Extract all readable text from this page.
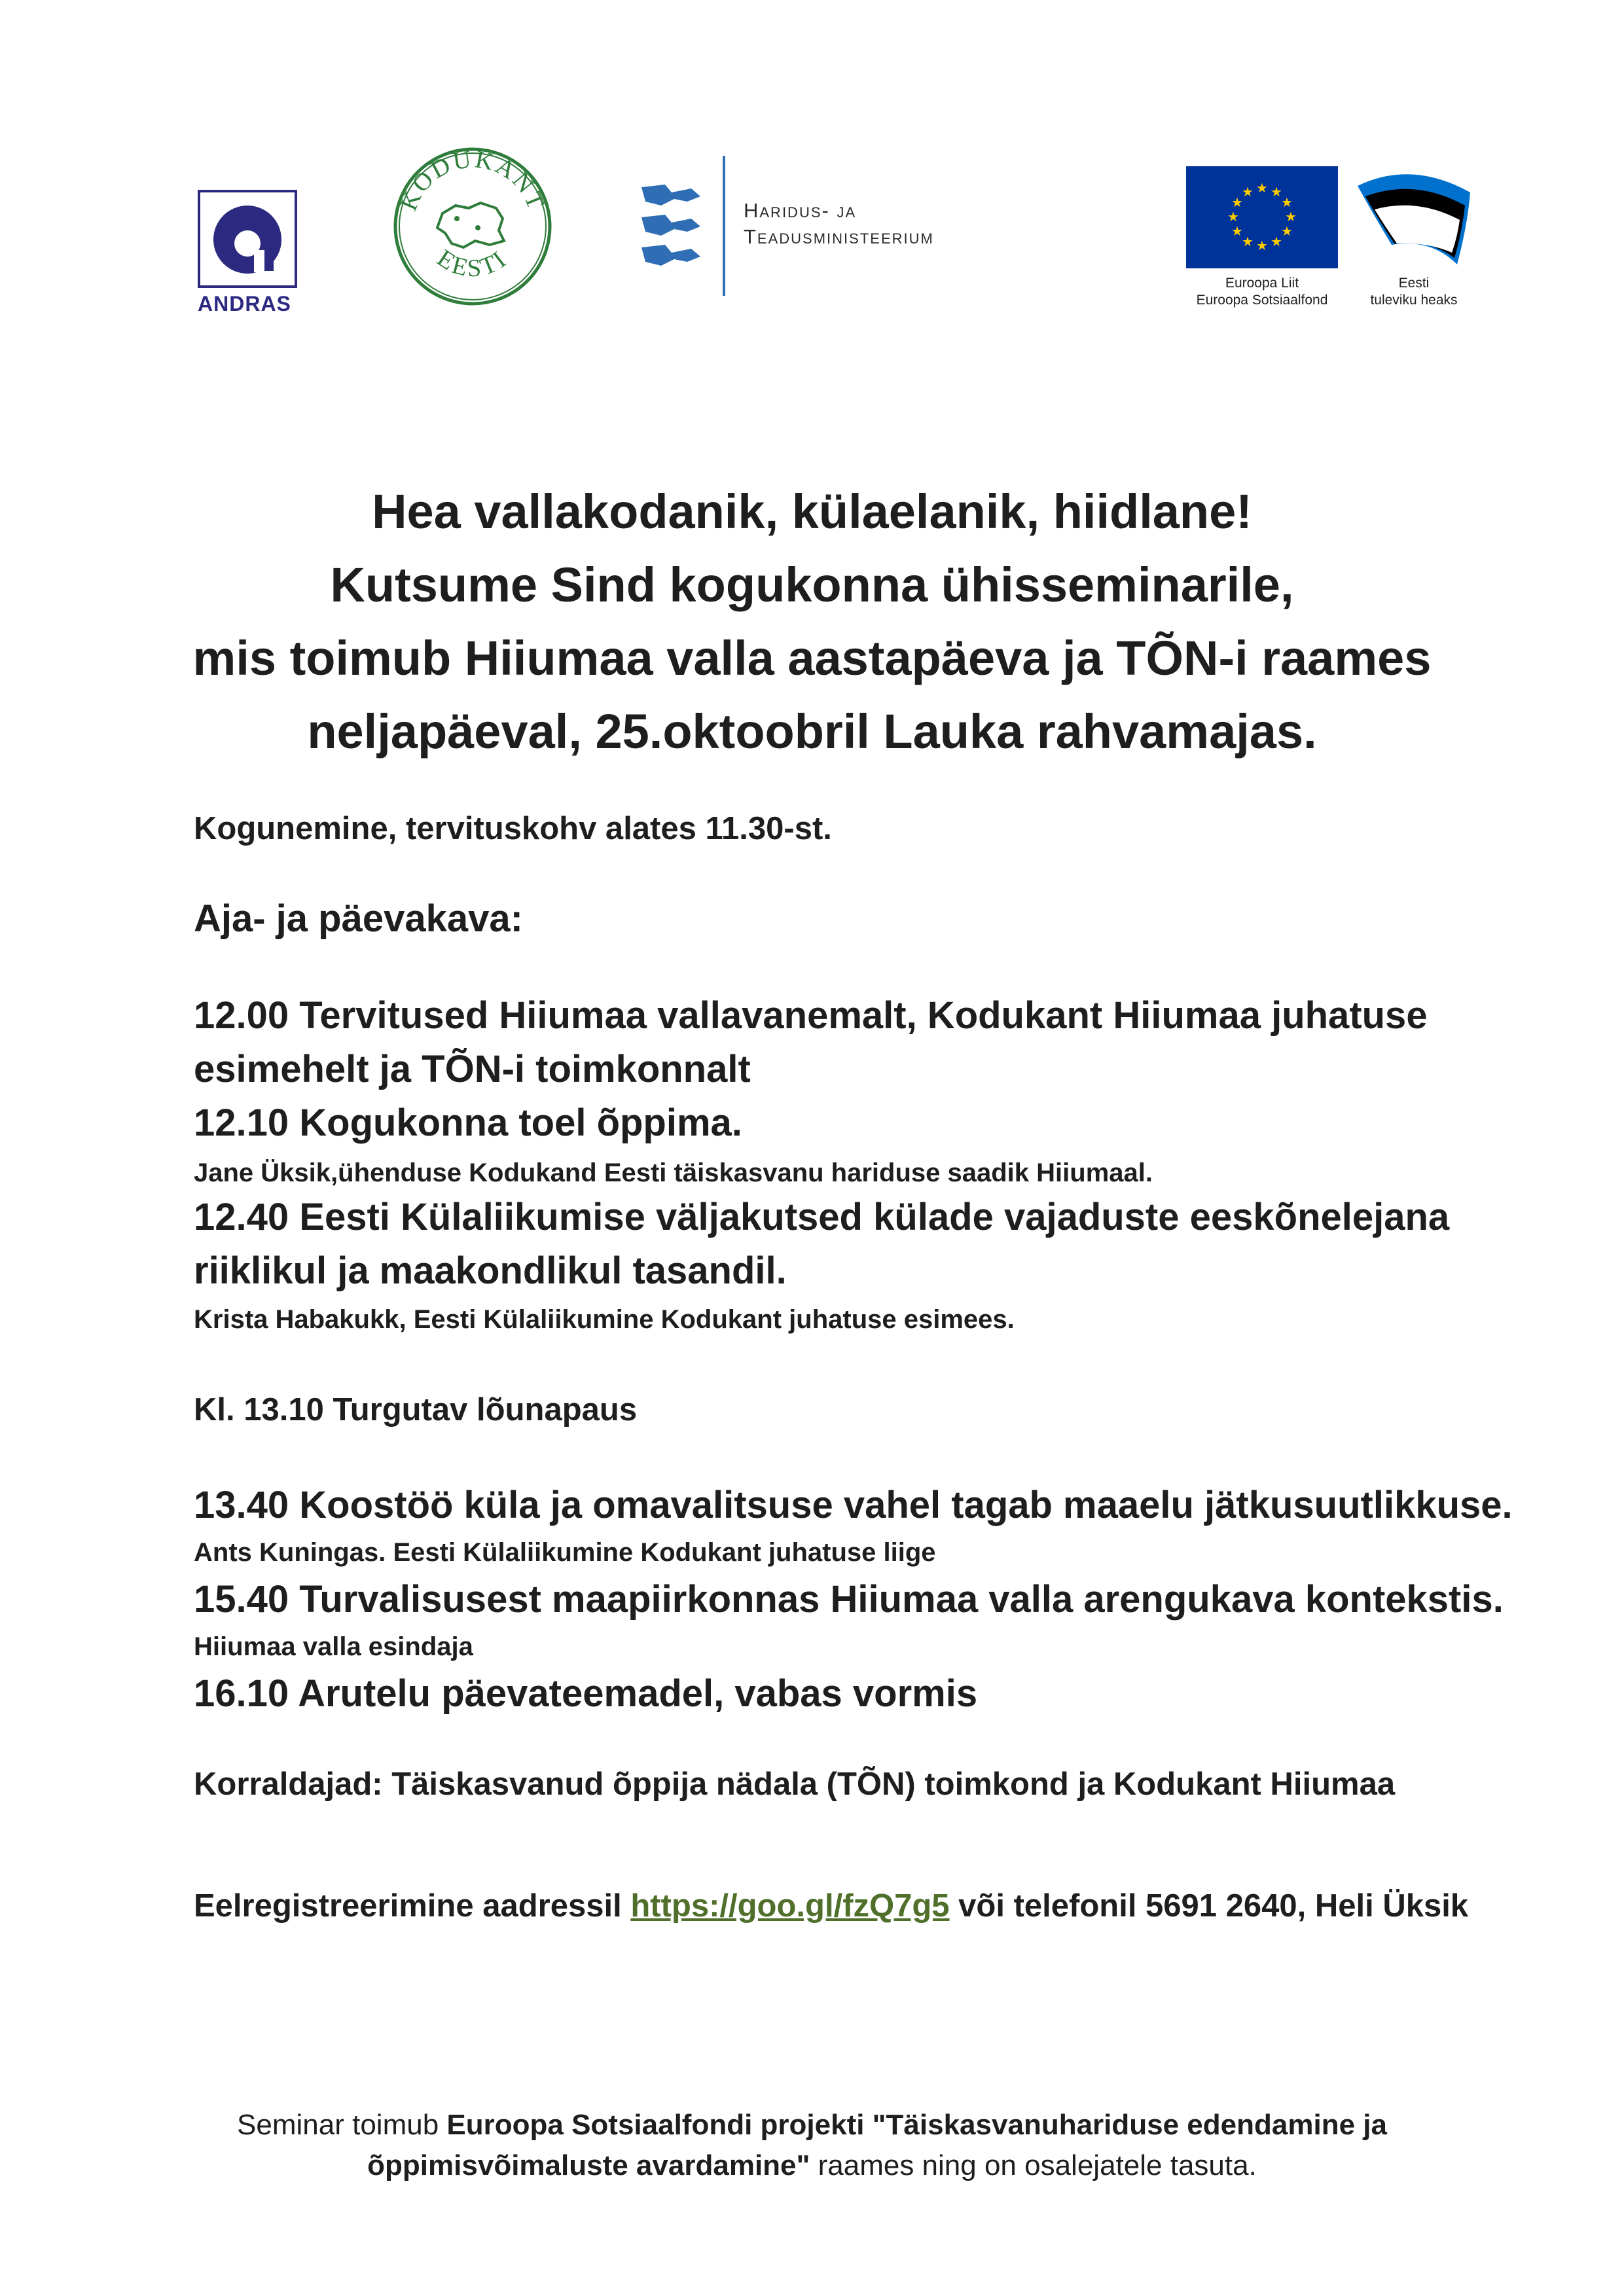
ANDRAS
KODUKANT
EESTI
Haridus- ja
Teadusministeerium
★ ★
★
★
★
★
★
★
★
★
★
★
Euroopa Liit
Euroopa Sotsiaalfond
Eesti
tuleviku heaks
Hea vallakodanik, külaelanik, hiidlane!
Kutsume Sind kogukonna ühisseminarile,
mis toimub Hiiumaa valla aastapäeva ja TÕN-i raames
neljapäeval, 25.oktoobril Lauka rahvamajas.
Kogunemine, tervituskohv alates 11.30-st.
Aja- ja päevakava:
12.00 Tervitused Hiiumaa vallavanemalt, Kodukant Hiiumaa juhatuse
esimehelt ja TÕN-i toimkonnalt
12.10 Kogukonna toel õppima.
Jane Üksik,ühenduse Kodukand Eesti täiskasvanu hariduse saadik Hiiumaal.
12.40 Eesti Külaliikumise väljakutsed külade vajaduste eeskõnelejana
riiklikul ja maakondlikul tasandil.
Krista Habakukk, Eesti Külaliikumine Kodukant juhatuse esimees.
Kl. 13.10 Turgutav lõunapaus
13.40 Koostöö küla ja omavalitsuse vahel tagab maaelu jätkusuutlikkuse.
Ants Kuningas. Eesti Külaliikumine Kodukant juhatuse liige
15.40 Turvalisusest maapiirkonnas Hiiumaa valla arengukava kontekstis.
Hiiumaa valla esindaja
16.10 Arutelu päevateemadel, vabas vormis
Korraldajad: Täiskasvanud õppija nädala (TÕN) toimkond ja Kodukant Hiiumaa
Eelregistreerimine aadressil https://goo.gl/fzQ7g5 või telefonil 5691 2640, Heli Üksik
Seminar toimub Euroopa Sotsiaalfondi projekti "Täiskasvanuhariduse edendamine ja
õppimisvõimaluste avardamine" raames ning on osalejatele tasuta.
